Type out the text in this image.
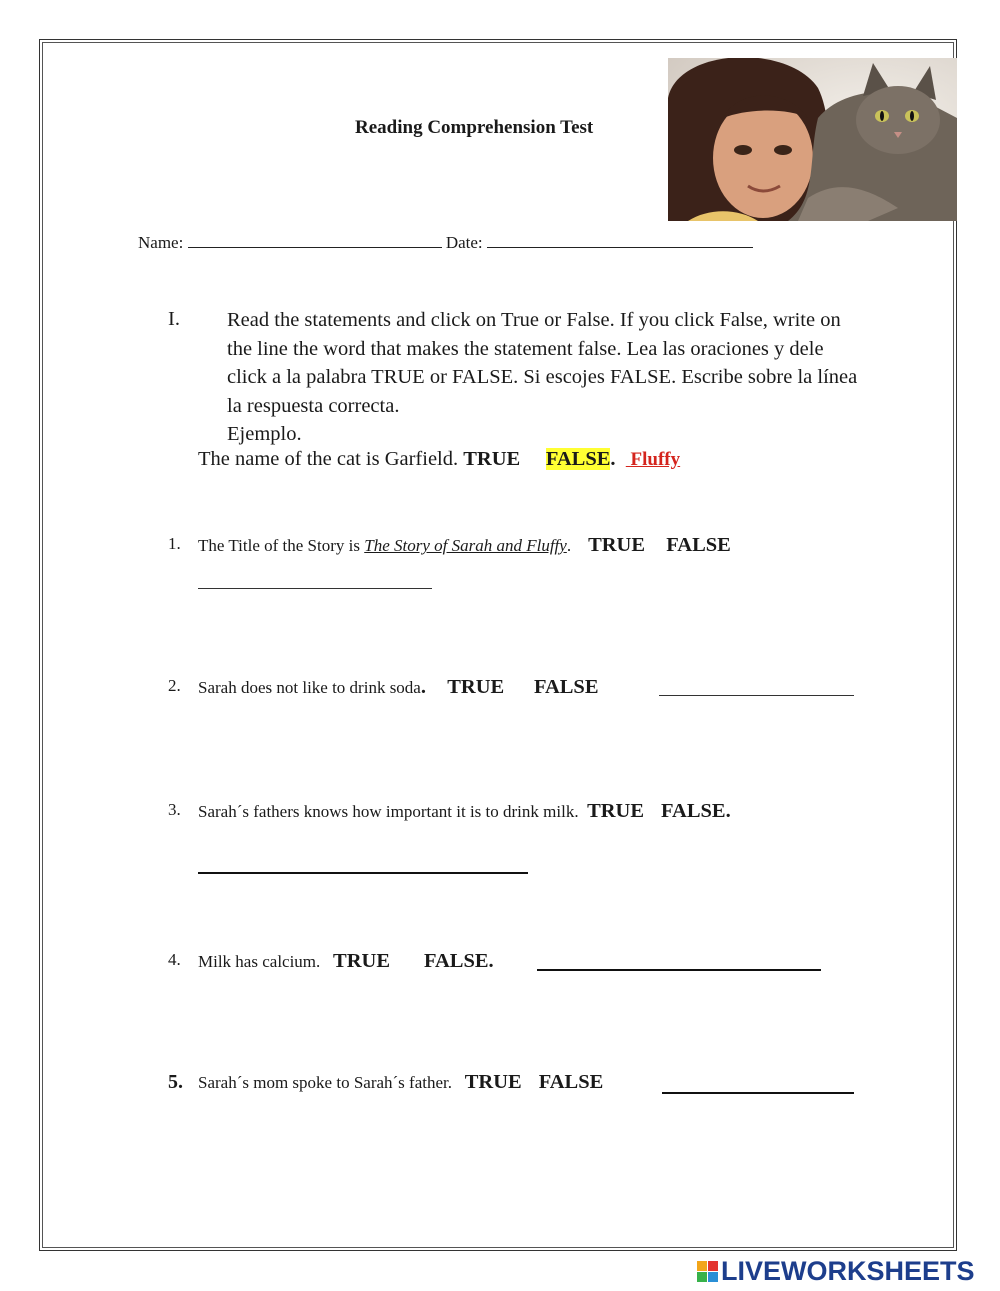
Reading Comprehension Test
Name:	Date:
I. Read the statements and click on True or False. If you click False, write on the line the word that makes the statement false. Lea las oraciones y dele click a la palabra TRUE or FALSE. Si escojes FALSE. Escribe sobre la línea la respuesta correcta.
Ejemplo.
The name of the cat is Garfield. TRUE FALSE. Fluffy
1. The Title of the Story is The Story of Sarah and Fluffy. TRUE FALSE
2. Sarah does not like to drink soda. TRUE FALSE
3. Sarah´s fathers knows how important it is to drink milk. TRUE FALSE.
4. Milk has calcium. TRUE FALSE.
5. Sarah´s mom spoke to Sarah´s father. TRUE FALSE
LIVEWORKSHEETS
